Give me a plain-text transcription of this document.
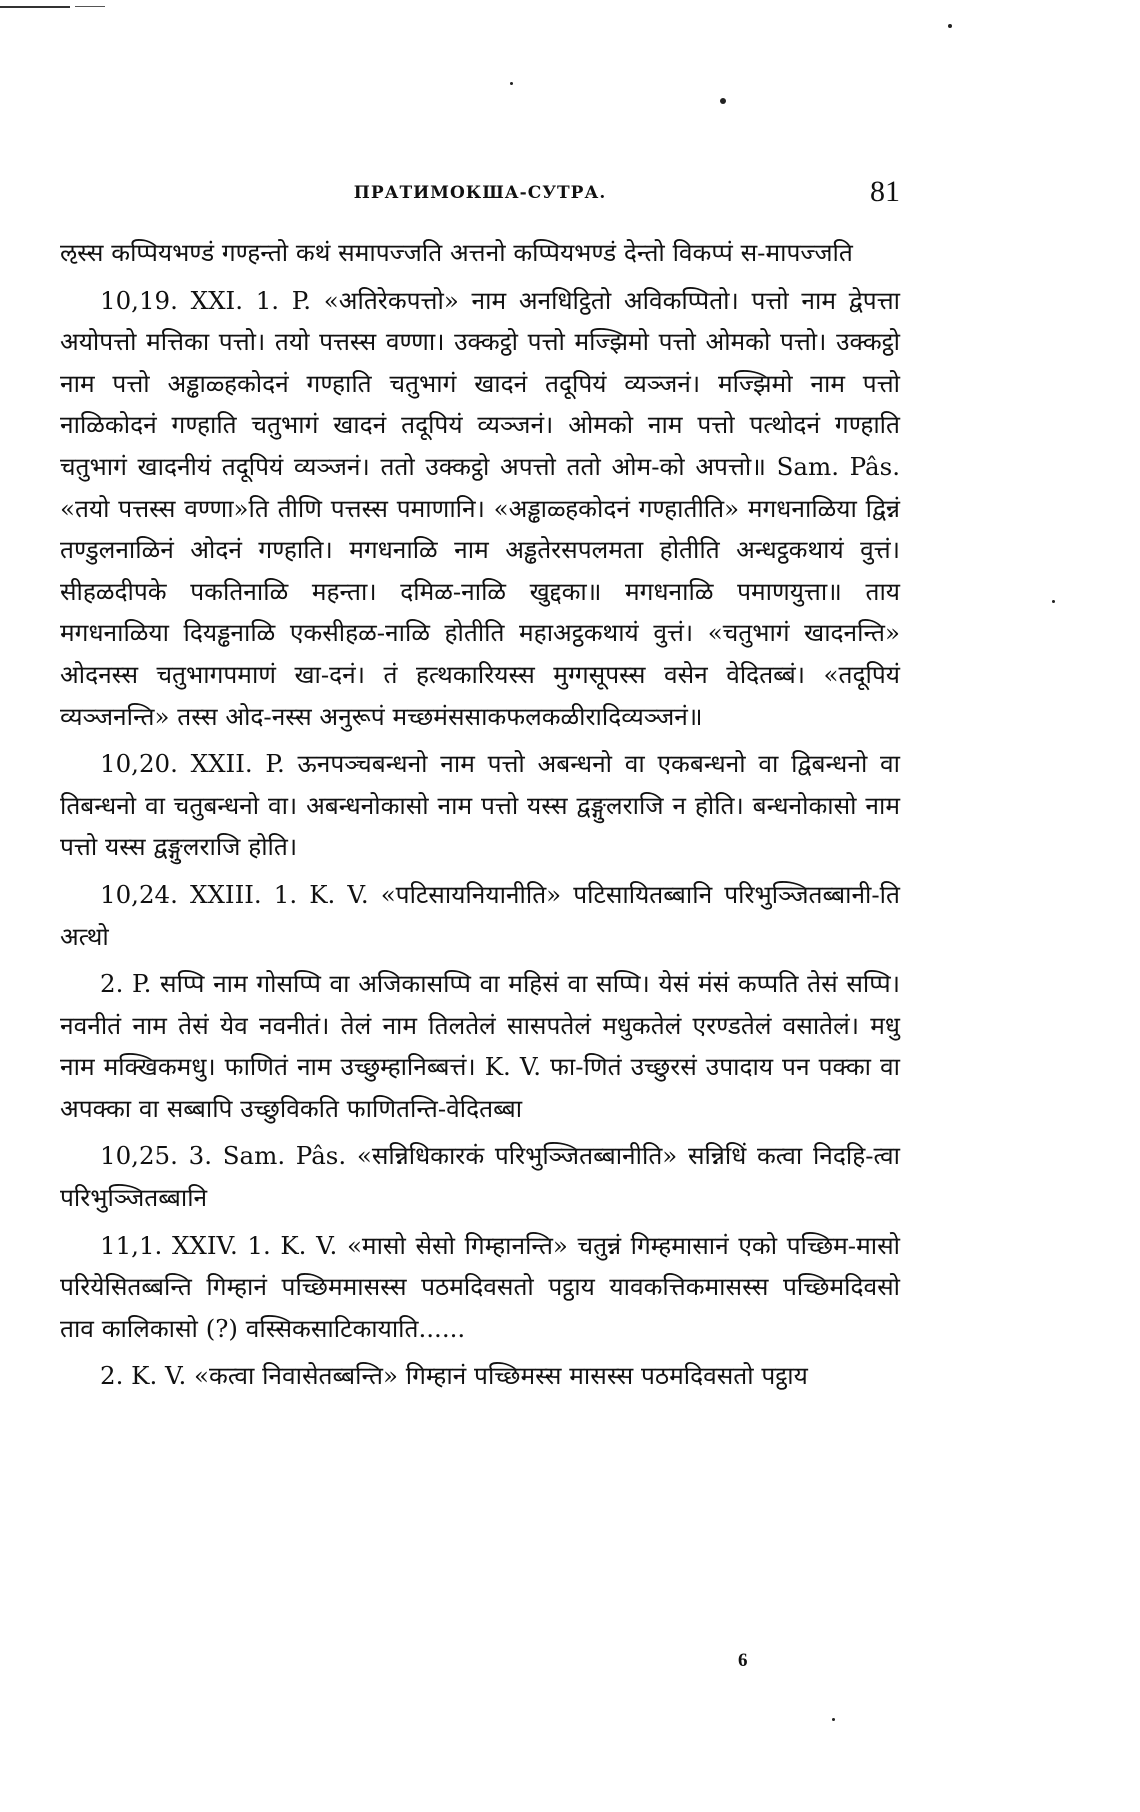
ПРАТИМОКША-СУТРА.	81

ऌस्स कप्पियभण्डं गण्हन्तो कथं समापज्जति अत्तनो कप्पियभण्डं देन्तो विकप्पं स-मापज्जति

10,19. XXI. 1. P. «अतिरेकपत्तो» नाम अनधिट्ठितो अविकप्पितो। पत्तो नाम द्वेपत्ता अयोपत्तो मत्तिका पत्तो। तयो पत्तस्स वण्णा। उक्कट्ठो पत्तो मज्झिमो पत्तो ओमको पत्तो। उक्कट्ठो नाम पत्तो अड्ढाळ्हकोदनं गण्हाति चतुभागं खादनं तदूपियं व्यञ्जनं। मज्झिमो नाम पत्तो नाळिकोदनं गण्हाति चतुभागं खादनं तदूपियं व्यञ्जनं। ओमको नाम पत्तो पत्थोदनं गण्हाति चतुभागं खादनीयं तदूपियं व्यञ्जनं। ततो उक्कट्ठो अपत्तो ततो ओम-को अपत्तो॥ Sam. Pâs. «तयो पत्तस्स वण्णा»ति तीणि पत्तस्स पमाणानि। «अड्ढाळ्हकोदनं गण्हातीति» मगधनाळिया द्विन्नं तण्डुलनाळिनं ओदनं गण्हाति। मगधनाळि नाम अड्ढतेरसपलमता होतीति अन्धट्ठकथायं वुत्तं। सीहळदीपके पकतिनाळि महन्ता। दमिळ-नाळि खुद्दका॥ मगधनाळि पमाणयुत्ता॥ ताय मगधनाळिया दियड्ढनाळि एकसीहळ-नाळि होतीति महाअट्ठकथायं वुत्तं। «चतुभागं खादनन्ति» ओदनस्स चतुभागपमाणं खा-दनं। तं हत्थकारियस्स मुग्गसूपस्स वसेन वेदितब्बं। «तदूपियं व्यञ्जनन्ति» तस्स ओद-नस्स अनुरूपं मच्छमंससाकफलकळीरादिव्यञ्जनं॥

10,20. XXII. P. ऊनपञ्चबन्धनो नाम पत्तो अबन्धनो वा एकबन्धनो वा द्विबन्धनो वा तिबन्धनो वा चतुबन्धनो वा। अबन्धनोकासो नाम पत्तो यस्स द्वङ्गुलराजि न होति। बन्धनोकासो नाम पत्तो यस्स द्वङ्गुलराजि होति।

10,24. XXIII. 1. K. V. «पटिसायनियानीति» पटिसायितब्बानि परिभुञ्जितब्बानी-ति अत्थो

2. P. सप्पि नाम गोसप्पि वा अजिकासप्पि वा महिसं वा सप्पि। येसं मंसं कप्पति तेसं सप्पि। नवनीतं नाम तेसं येव नवनीतं। तेलं नाम तिलतेलं सासपतेलं मधुकतेलं एरण्डतेलं वसातेलं। मधु नाम मक्खिकमधु। फाणितं नाम उच्छुम्हानिब्बत्तं। K. V. फा-णितं उच्छुरसं उपादाय पन पक्का वा अपक्का वा सब्बापि उच्छुविकति फाणितन्ति-वेदितब्बा

10,25. 3. Sam. Pâs. «सन्निधिकारकं परिभुञ्जितब्बानीति» सन्निधिं कत्वा निदहि-त्वा परिभुञ्जितब्बानि

11,1. XXIV. 1. K. V. «मासो सेसो गिम्हानन्ति» चतुन्नं गिम्हमासानं एको पच्छिम-मासो परियेसितब्बन्ति गिम्हानं पच्छिममासस्स पठमदिवसतो पट्ठाय यावकत्तिकमासस्स पच्छिमदिवसो ताव कालिकासो (?) वस्सिकसाटिकायाति......

2. K. V. «कत्वा निवासेतब्बन्ति» गिम्हानं पच्छिमस्स मासस्स पठमदिवसतो पट्ठाय

6
